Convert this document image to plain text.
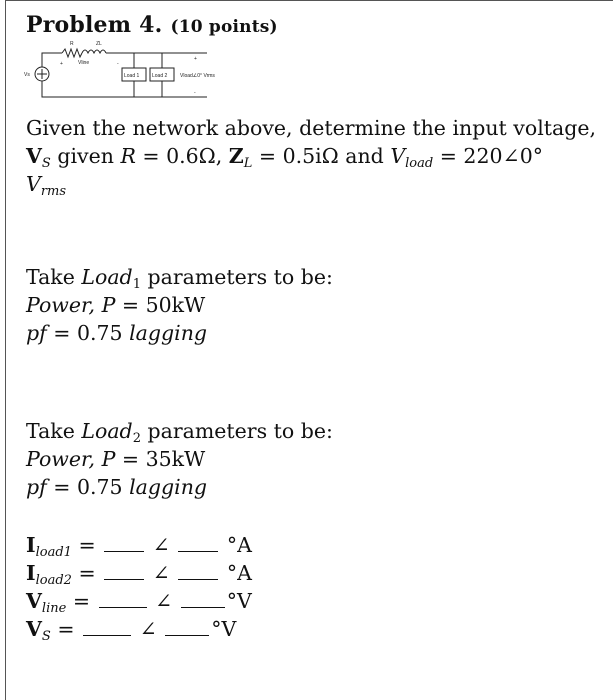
Problem 4. (10 points)
Vs
R	ZL
Vline
Load 1	Load 2	Vload∠0° Vrms
+	-
+
-
Given the network above, determine the input voltage,
$V_S$ given R = 0.6Ω, $Z_L = 0.5i\Omega$ and $V_{load}$ = 220∠0°
$V_{rms}$
Take Load$_1$ parameters to be:
Power, P = 50kW
pf = 0.75 lagging
Take Load$_2$ parameters to be:
Power, P = 35kW
pf = 0.75 lagging
$I_{load1}$ =  ∠	°A
$I_{load2}$ =  ∠	°A
$V_{line}$ =	∠	°V
$V_S$ =	∠	°V
